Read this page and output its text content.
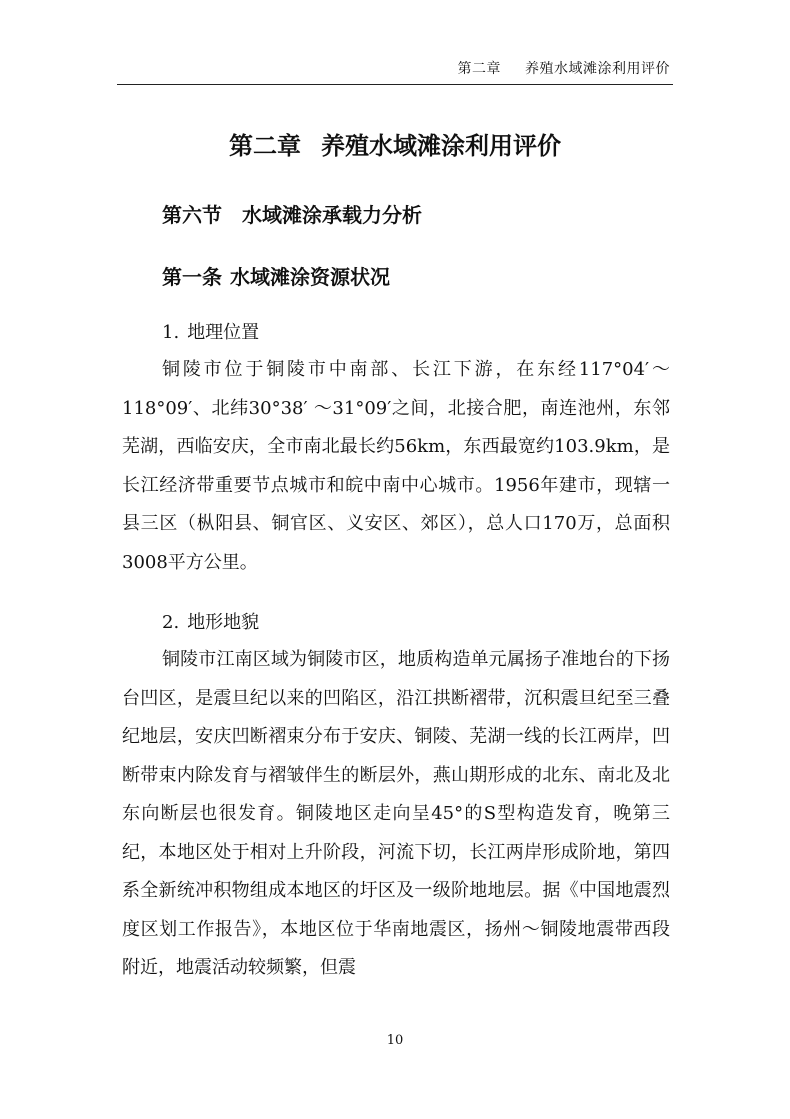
第二章 养殖水域滩涂利用评价
第二章 养殖水域滩涂利用评价
第六节 水域滩涂承载力分析
第一条 水域滩涂资源状况
1. 地理位置

铜陵市位于铜陵市中南部、长江下游，在东经117°04′～118°09′、北纬30°38′ ～31°09′之间，北接合肥，南连池州，东邻芜湖，西临安庆，全市南北最长约56km，东西最宽约103.9km，是长江经济带重要节点城市和皖中南中心城市。1956年建市，现辖一县三区（枞阳县、铜官区、义安区、郊区），总人口170万，总面积3008平方公里。

2. 地形地貌

铜陵市江南区域为铜陵市区，地质构造单元属扬子准地台的下扬台凹区，是震旦纪以来的凹陷区，沿江拱断褶带，沉积震旦纪至三叠纪地层，安庆凹断褶束分布于安庆、铜陵、芜湖一线的长江两岸，凹断带束内除发育与褶皱伴生的断层外，燕山期形成的北东、南北及北东向断层也很发育。铜陵地区走向呈45°的S型构造发育，晚第三纪，本地区处于相对上升阶段，河流下切，长江两岸形成阶地，第四系全新统冲积物组成本地区的圩区及一级阶地地层。据《中国地震烈度区划工作报告》，本地区位于华南地震区，扬州～铜陵地震带西段附近，地震活动较频繁，但震

10
